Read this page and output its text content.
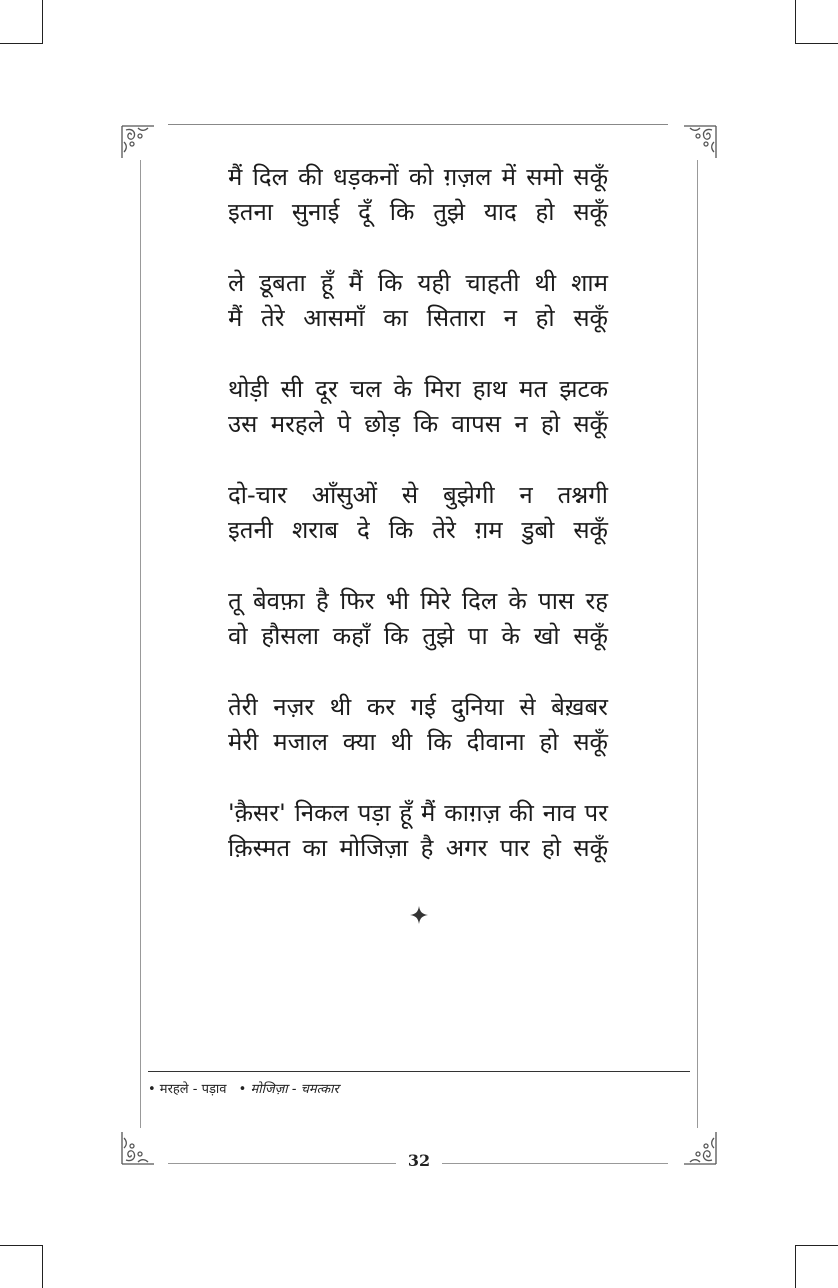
मैं दिल की धड़कनों को ग़ज़ल में समो सकूँ
इतना सुनाई दूँ कि तुझे याद हो सकूँ
ले डूबता हूँ मैं कि यही चाहती थी शाम
मैं तेरे आसमाँ का सितारा न हो सकूँ
थोड़ी सी दूर चल के मिरा हाथ मत झटक
उस मरहले पे छोड़ कि वापस न हो सकूँ
दो-चार आँसुओं से बुझेगी न तश्नगी
इतनी शराब दे कि तेरे ग़म डुबो सकूँ
तू बेवफ़ा है फिर भी मिरे दिल के पास रह
वो हौसला कहाँ कि तुझे पा के खो सकूँ
तेरी नज़र थी कर गई दुनिया से बेख़बर
मेरी मजाल क्या थी कि दीवाना हो सकूँ
'क़ैसर' निकल पड़ा हूँ मैं काग़ज़ की नाव पर
क़िस्मत का मोजिज़ा है अगर पार हो सकूँ
• मरहले - पड़ाव • मोजिज़ा - चमत्कार
32
